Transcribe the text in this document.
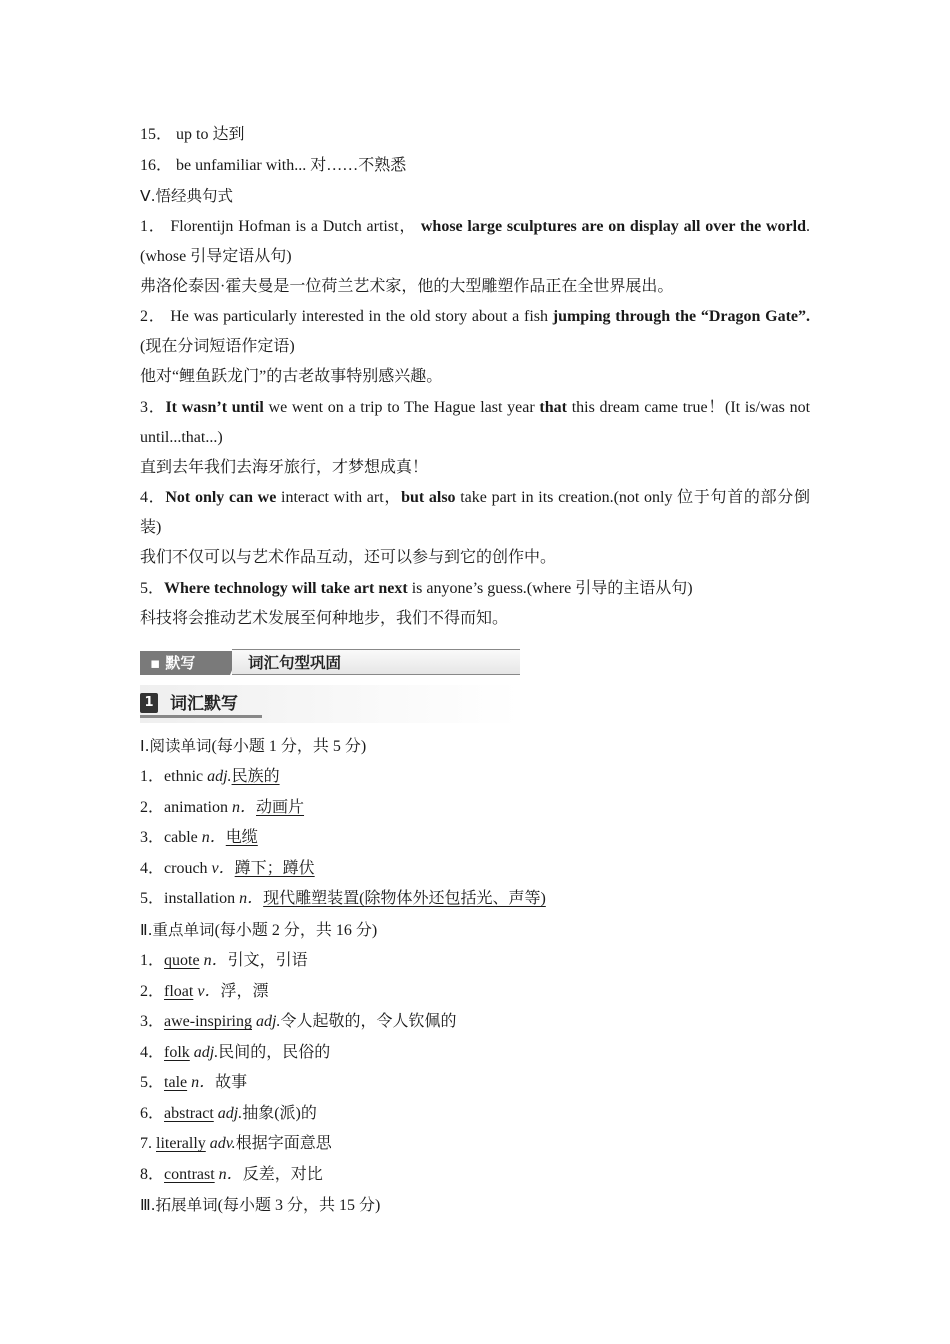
15． up to 达到
16． be unfamiliar with... 对……不熟悉
Ⅴ.悟经典句式
1． Florentijn Hofman is a Dutch artist， whose large sculptures are on display all over the world.(whose 引导定语从句)
弗洛伦泰因·霍夫曼是一位荷兰艺术家，他的大型雕塑作品正在全世界展出。
2． He was particularly interested in the old story about a fish jumping through the “Dragon Gate”. (现在分词短语作定语)
他对“鲤鱼跃龙门”的古老故事特别感兴趣。
3．It wasn’t until we went on a trip to The Hague last year that this dream came true！(It is/was not until...that...)
直到去年我们去海牙旅行，才梦想成真！
4．Not only can we interact with art，but also take part in its creation.(not only 位于句首的部分倒装)
我们不仅可以与艺术作品互动，还可以参与到它的创作中。
5．Where technology will take art next is anyone’s guess.(where 引导的主语从句)
科技将会推动艺术发展至何种地步，我们不得而知。
▪ 默写	词汇句型巩固
1 词汇默写
Ⅰ.阅读单词(每小题 1 分，共 5 分)
1．ethnic adj.民族的
2．animation n．动画片
3．cable n．电缆
4．crouch v．蹲下；蹲伏
5．installation n．现代雕塑装置(除物体外还包括光、声等)
Ⅱ.重点单词(每小题 2 分，共 16 分)
1．quote n．引文，引语
2．float v．浮，漂
3．awe-inspiring adj.令人起敬的，令人钦佩的
4．folk adj.民间的，民俗的
5．tale n．故事
6．abstract adj.抽象(派)的
7. literally adv.根据字面意思
8．contrast n．反差，对比
Ⅲ.拓展单词(每小题 3 分，共 15 分)
